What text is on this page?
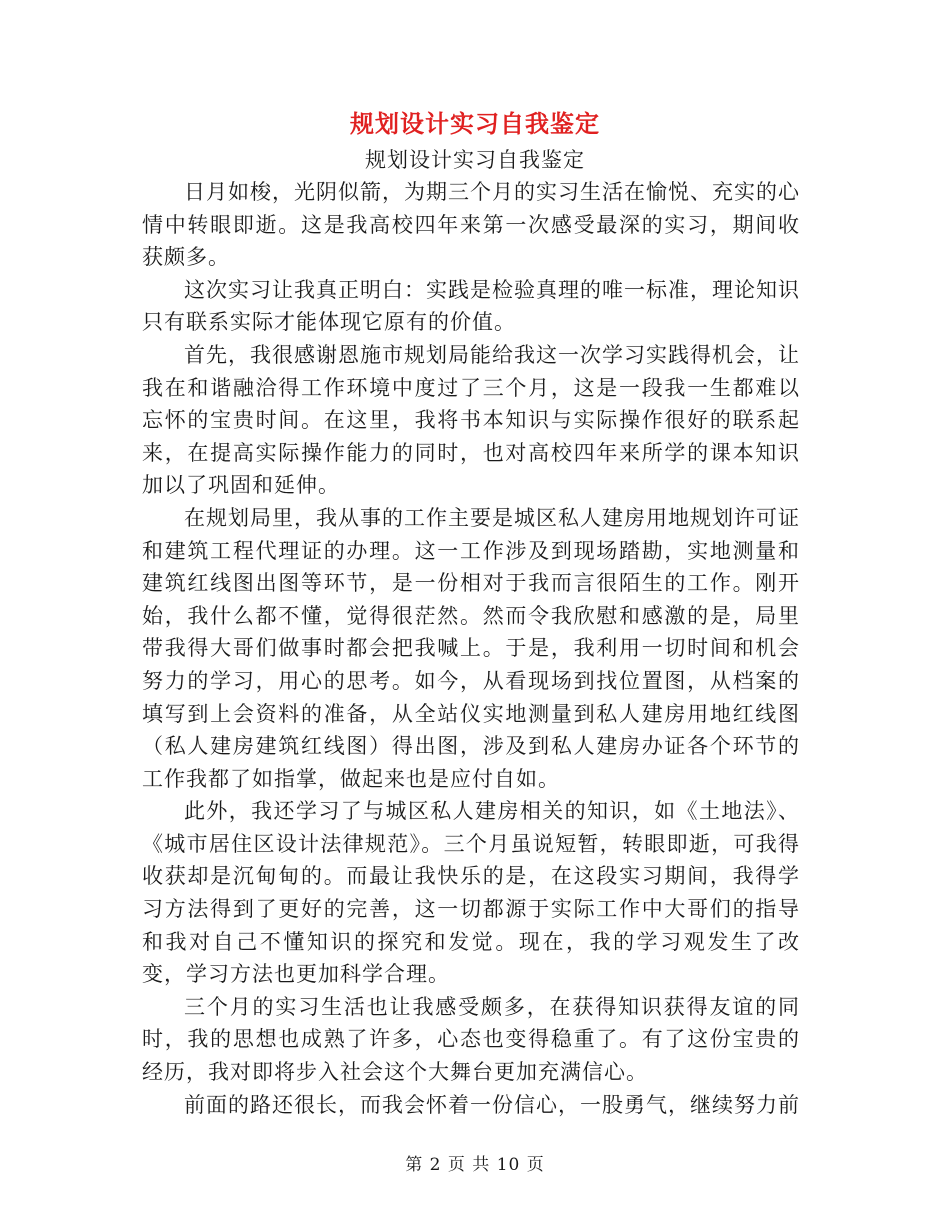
规划设计实习自我鉴定
规划设计实习自我鉴定

日月如梭，光阴似箭，为期三个月的实习生活在愉悦、充实的心情中转眼即逝。这是我高校四年来第一次感受最深的实习，期间收获颇多。

这次实习让我真正明白：实践是检验真理的唯一标准，理论知识只有联系实际才能体现它原有的价值。

首先，我很感谢恩施市规划局能给我这一次学习实践得机会，让我在和谐融洽得工作环境中度过了三个月，这是一段我一生都难以忘怀的宝贵时间。在这里，我将书本知识与实际操作很好的联系起来，在提高实际操作能力的同时，也对高校四年来所学的课本知识加以了巩固和延伸。

在规划局里，我从事的工作主要是城区私人建房用地规划许可证和建筑工程代理证的办理。这一工作涉及到现场踏勘，实地测量和建筑红线图出图等环节，是一份相对于我而言很陌生的工作。刚开始，我什么都不懂，觉得很茫然。然而令我欣慰和感激的是，局里带我得大哥们做事时都会把我喊上。于是，我利用一切时间和机会努力的学习，用心的思考。如今，从看现场到找位置图，从档案的填写到上会资料的准备，从全站仪实地测量到私人建房用地红线图（私人建房建筑红线图）得出图，涉及到私人建房办证各个环节的工作我都了如指掌，做起来也是应付自如。

此外，我还学习了与城区私人建房相关的知识，如《土地法》、《城市居住区设计法律规范》。三个月虽说短暂，转眼即逝，可我得收获却是沉甸甸的。而最让我快乐的是，在这段实习期间，我得学习方法得到了更好的完善，这一切都源于实际工作中大哥们的指导和我对自己不懂知识的探究和发觉。现在，我的学习观发生了改变，学习方法也更加科学合理。

三个月的实习生活也让我感受颇多，在获得知识获得友谊的同时，我的思想也成熟了许多，心态也变得稳重了。有了这份宝贵的经历，我对即将步入社会这个大舞台更加充满信心。

前面的路还很长，而我会怀着一份信心，一股勇气，继续努力前

第 2 页 共 10 页
